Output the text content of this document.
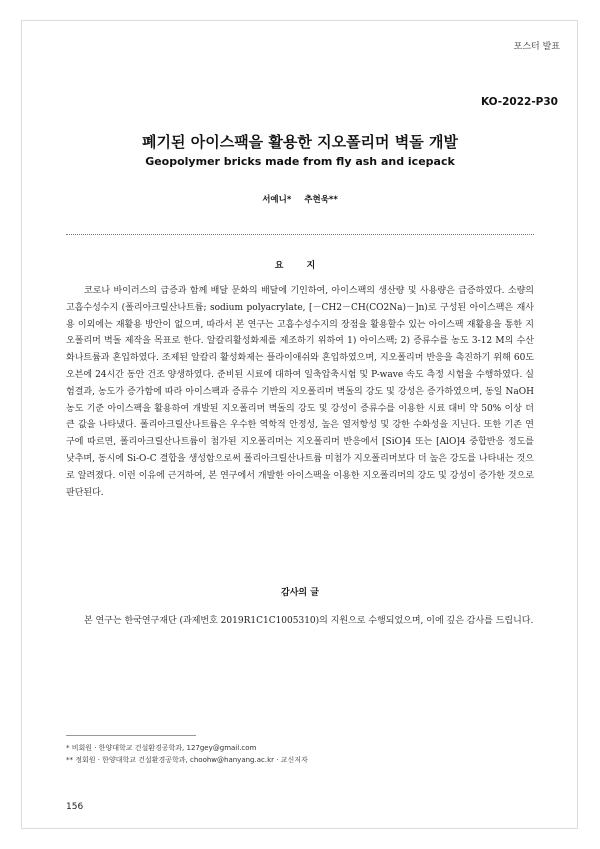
포스터 발표
KO-2022-P30
폐기된 아이스팩을 활용한 지오폴리머 벽돌 개발
Geopolymer bricks made from fly ash and icepack
서예니* 추현욱**
요 지
코로나 바이러스의 급증과 함께 배달 문화의 배달에 기인하여, 아이스팩의 생산량 및 사용량은 급증하였다. 소량의 고흡수성수지 (폴리아크릴산나트륨; sodium polyacrylate, [－CH2－CH(CO2Na)－]n)로 구성된 아이스팩은 재사용 이외에는 재활용 방안이 없으며, 따라서 본 연구는 고흡수성수지의 장점을 활용할수 있는 아이스팩 재활용을 통한 지오폴리머 벽돌 제작을 목표로 한다. 알칼리활성화제를 제조하기 위하여 1) 아이스팩; 2) 증류수를 농도 3-12 M의 수산화나트륨과 혼입하였다. 조제된 알칼리 활성화제는 플라이애쉬와 혼입하였으며, 지오폴리머 반응을 촉진하기 위해 60도 오븐에 24시간 동안 건조 양생하였다. 준비된 시료에 대하여 일축압축시험 및 P-wave 속도 측정 시험을 수행하였다. 실험결과, 농도가 증가함에 따라 아이스팩과 증류수 기반의 지오폴리머 벽돌의 강도 및 강성은 증가하였으며, 동일 NaOH 농도 기준 아이스팩을 활용하여 개발된 지오폴리머 벽돌의 강도 및 강성이 증류수를 이용한 시료 대비 약 50% 이상 더 큰 값을 나타냈다. 폴리아크릴산나트륨은 우수한 역학적 안정성, 높은 열저항성 및 강한 수화성을 지닌다. 또한 기존 연구에 따르면, 폴리아크릴산나트륨이 첨가된 지오폴리머는 지오폴리머 반응에서 [SiO]4 또는 [AlO]4 중합반응 정도를 낮추며, 동시에 Si-O-C 결합을 생성함으로써 폴리아크릴산나트륨 미첨가 지오폴리머보다 더 높은 강도를 나타내는 것으로 알려졌다. 이런 이유에 근거하여, 본 연구에서 개발한 아이스팩을 이용한 지오폴리머의 강도 및 강성이 증가한 것으로 판단된다.
감사의 글
본 연구는 한국연구재단 (과제번호 2019R1C1C1005310)의 지원으로 수행되었으며, 이에 깊은 감사를 드립니다.
* 비회원 · 한양대학교 건설환경공학과, 127gey@gmail.com
** 정회원 · 한양대학교 건설환경공학과, choohw@hanyang.ac.kr · 교신저자
156
